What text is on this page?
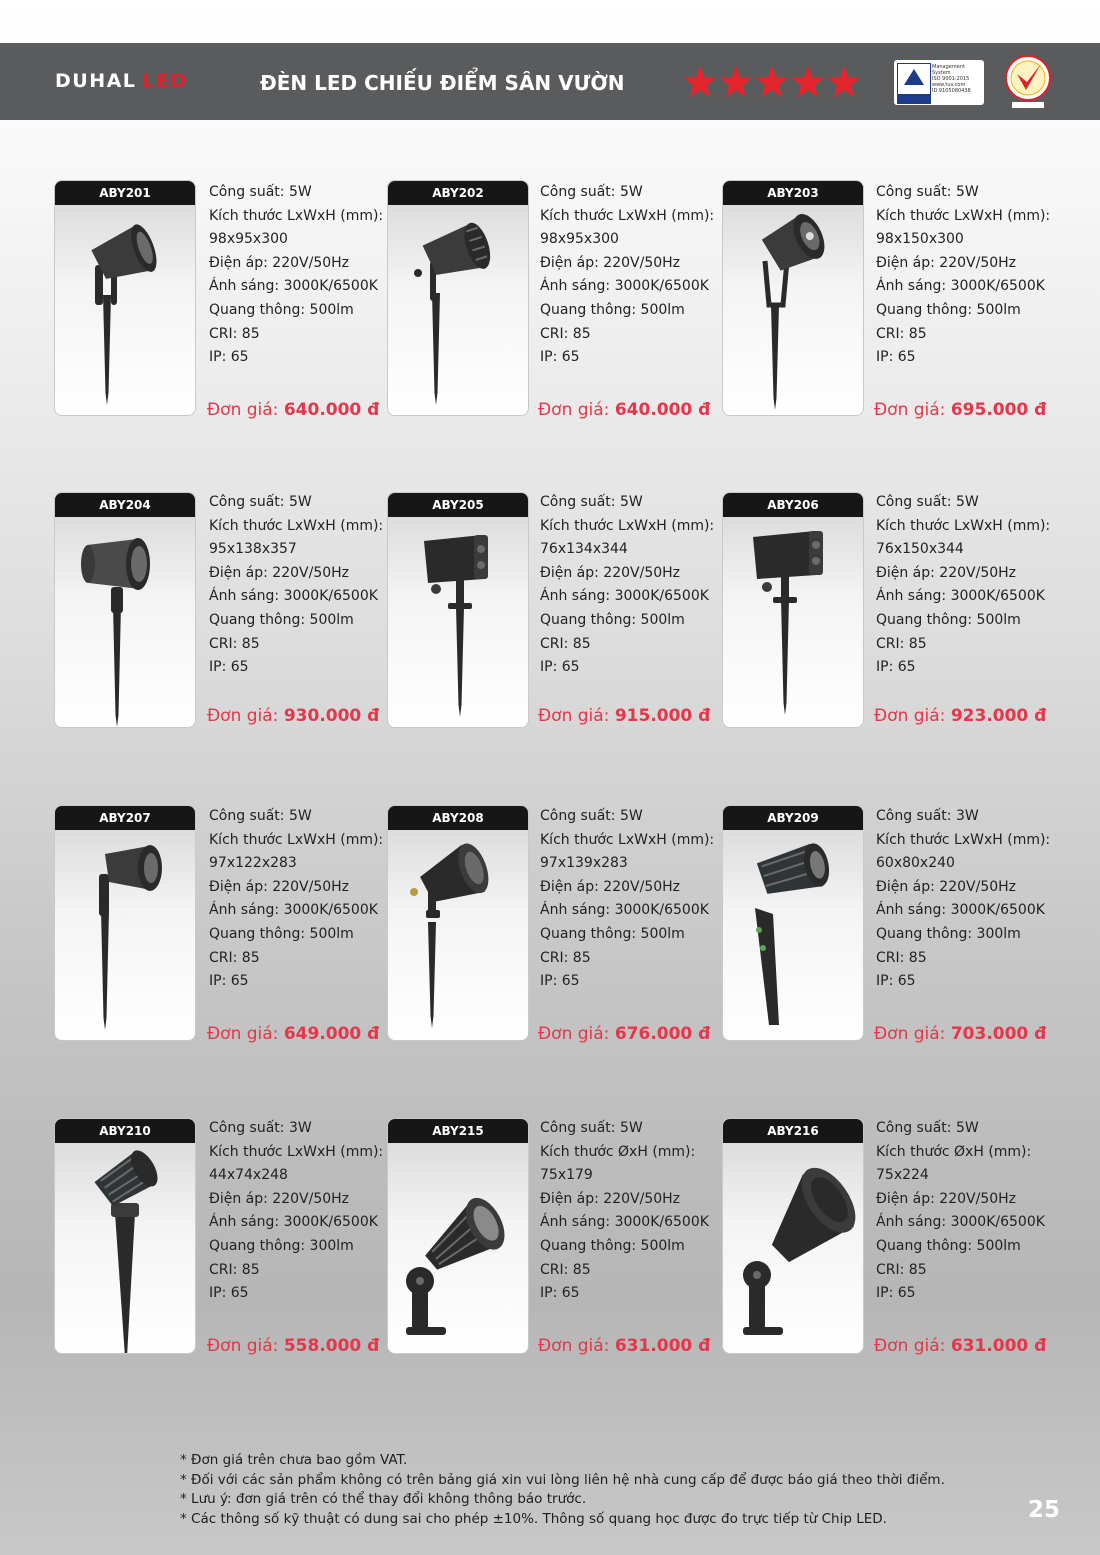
DUHAL LED	ĐÈN LED CHIẾU ĐIỂM SÂN VƯỜN
Management
System
ISO 9001:2015
www.tuv.com
ID 9105080438
ABY201	Công suất: 5W
Kích thước LxWxH (mm):
98x95x300
Điện áp: 220V/50Hz
Ánh sáng: 3000K/6500K
Quang thông: 500lm
CRI: 85
IP: 65
Đơn giá: 640.000 đ
ABY202	Công suất: 5W
Kích thước LxWxH (mm):
98x95x300
Điện áp: 220V/50Hz
Ánh sáng: 3000K/6500K
Quang thông: 500lm
CRI: 85
IP: 65
Đơn giá: 640.000 đ
ABY203	Công suất: 5W
Kích thước LxWxH (mm):
98x150x300
Điện áp: 220V/50Hz
Ánh sáng: 3000K/6500K
Quang thông: 500lm
CRI: 85
IP: 65
Đơn giá: 695.000 đ
ABY204	Công suất: 5W
Kích thước LxWxH (mm):
95x138x357
Điện áp: 220V/50Hz
Ánh sáng: 3000K/6500K
Quang thông: 500lm
CRI: 85
IP: 65
Đơn giá: 930.000 đ
ABY205	Công suất: 5W
Kích thước LxWxH (mm):
76x134x344
Điện áp: 220V/50Hz
Ánh sáng: 3000K/6500K
Quang thông: 500lm
CRI: 85
IP: 65
Đơn giá: 915.000 đ
ABY206	Công suất: 5W
Kích thước LxWxH (mm):
76x150x344
Điện áp: 220V/50Hz
Ánh sáng: 3000K/6500K
Quang thông: 500lm
CRI: 85
IP: 65
Đơn giá: 923.000 đ
ABY207	Công suất: 5W
Kích thước LxWxH (mm):
97x122x283
Điện áp: 220V/50Hz
Ánh sáng: 3000K/6500K
Quang thông: 500lm
CRI: 85
IP: 65
Đơn giá: 649.000 đ
ABY208	Công suất: 5W
Kích thước LxWxH (mm):
97x139x283
Điện áp: 220V/50Hz
Ánh sáng: 3000K/6500K
Quang thông: 500lm
CRI: 85
IP: 65
Đơn giá: 676.000 đ
ABY209	Công suất: 3W
Kích thước LxWxH (mm):
60x80x240
Điện áp: 220V/50Hz
Ánh sáng: 3000K/6500K
Quang thông: 300lm
CRI: 85
IP: 65
Đơn giá: 703.000 đ
ABY210	Công suất: 3W
Kích thước LxWxH (mm):
44x74x248
Điện áp: 220V/50Hz
Ánh sáng: 3000K/6500K
Quang thông: 300lm
CRI: 85
IP: 65
Đơn giá: 558.000 đ
ABY215	Công suất: 5W
Kích thước ØxH (mm):
75x179
Điện áp: 220V/50Hz
Ánh sáng: 3000K/6500K
Quang thông: 500lm
CRI: 85
IP: 65
Đơn giá: 631.000 đ
ABY216	Công suất: 5W
Kích thước ØxH (mm):
75x224
Điện áp: 220V/50Hz
Ánh sáng: 3000K/6500K
Quang thông: 500lm
CRI: 85
IP: 65
Đơn giá: 631.000 đ
* Đơn giá trên chưa bao gồm VAT.
* Đối với các sản phẩm không có trên bảng giá xin vui lòng liên hệ nhà cung cấp để được báo giá theo thời điểm.
* Lưu ý: đơn giá trên có thể thay đổi không thông báo trước.
* Các thông số kỹ thuật có dung sai cho phép ±10%. Thông số quang học được đo trực tiếp từ Chip LED.	25
